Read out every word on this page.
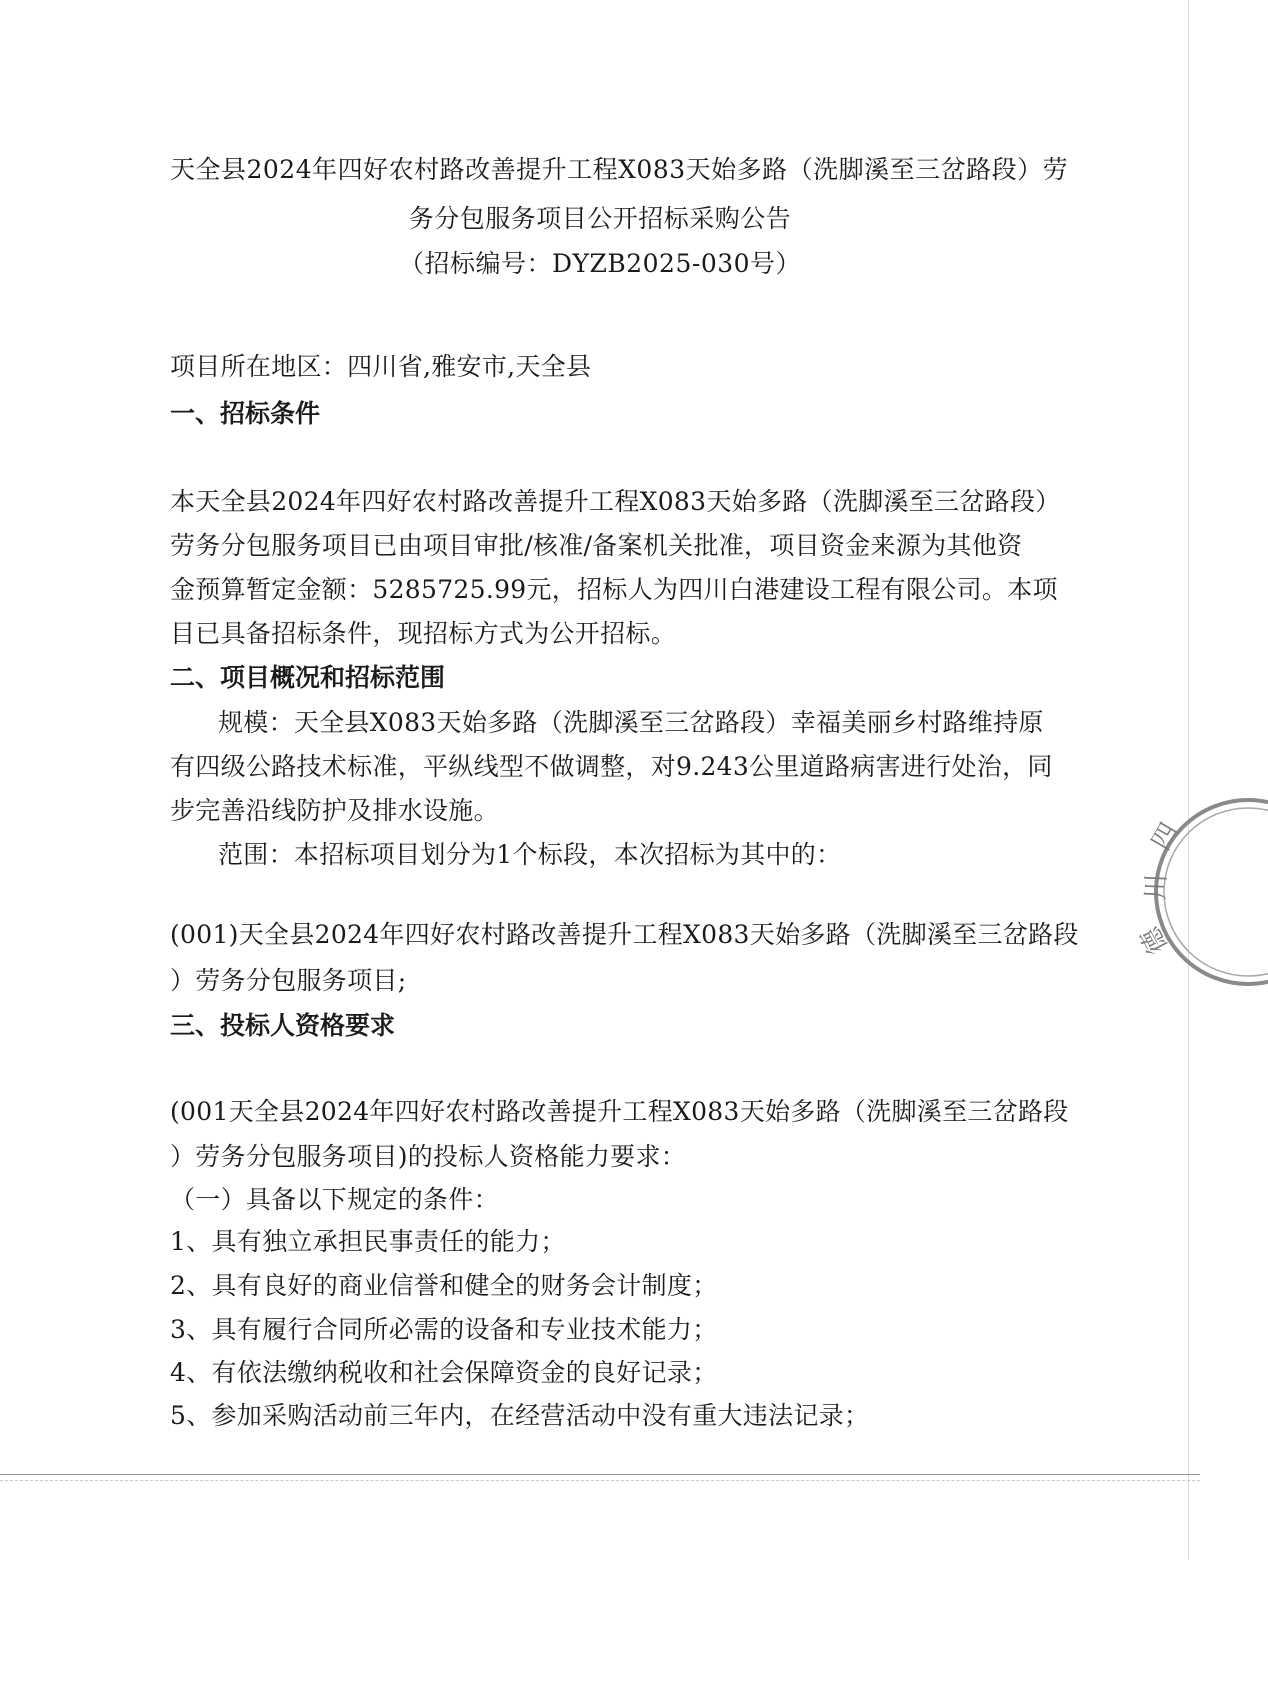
天全县2024年四好农村路改善提升工程X083天始多路（洗脚溪至三岔路段）劳
务分包服务项目公开招标采购公告
（招标编号：DYZB2025-030号）
项目所在地区：四川省,雅安市,天全县
一、招标条件
本天全县2024年四好农村路改善提升工程X083天始多路（洗脚溪至三岔路段）
劳务分包服务项目已由项目审批/核准/备案机关批准，项目资金来源为其他资
金预算暂定金额：5285725.99元，招标人为四川白港建设工程有限公司。本项
目已具备招标条件，现招标方式为公开招标。
二、项目概况和招标范围
规模：天全县X083天始多路（洗脚溪至三岔路段）幸福美丽乡村路维持原
有四级公路技术标准，平纵线型不做调整，对9.243公里道路病害进行处治，同
步完善沿线防护及排水设施。
范围：本招标项目划分为1个标段，本次招标为其中的：
(001)天全县2024年四好农村路改善提升工程X083天始多路（洗脚溪至三岔路段
）劳务分包服务项目;
三、投标人资格要求
(001天全县2024年四好农村路改善提升工程X083天始多路（洗脚溪至三岔路段
）劳务分包服务项目)的投标人资格能力要求：
（一）具备以下规定的条件：
1、具有独立承担民事责任的能力；
2、具有良好的商业信誉和健全的财务会计制度；
3、具有履行合同所必需的设备和专业技术能力；
4、有依法缴纳税收和社会保障资金的良好记录；
5、参加采购活动前三年内，在经营活动中没有重大违法记录；
四
川
德
